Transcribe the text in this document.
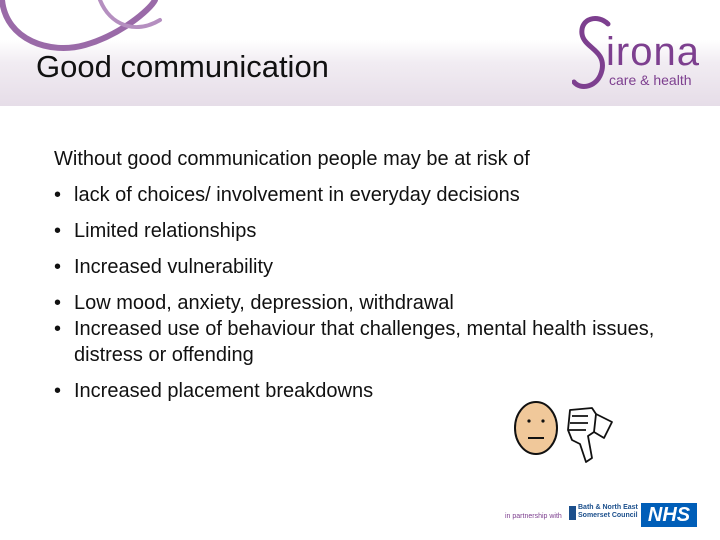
Good communication	irona
care & health
Without good communication people may be at risk of
• lack of choices/ involvement in everyday decisions
• Limited relationships
• Increased vulnerability
• Low mood, anxiety, depression, withdrawal
• Increased use of behaviour that challenges, mental health issues, distress or offending
• Increased placement breakdowns
in partnership with
Bath & North East
Somerset Council NHS
